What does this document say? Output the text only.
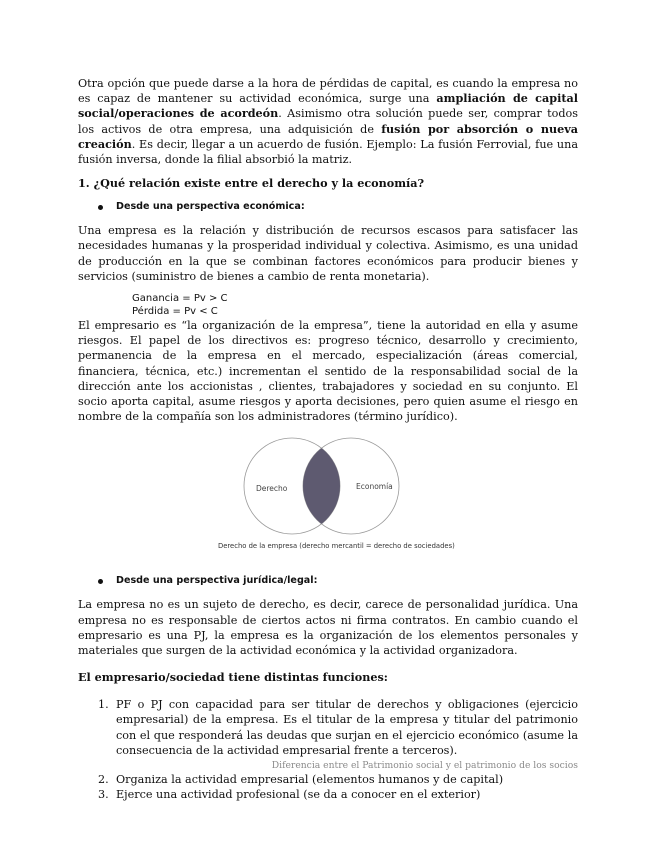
Otra opción que puede darse a la hora de pérdidas de capital, es cuando la empresa no es capaz de mantener su actividad económica, surge una ampliación de capital social/operaciones de acordeón. Asimismo otra solución puede ser, comprar todos los activos de otra empresa, una adquisición de fusión por absorción o nueva creación. Es decir, llegar a un acuerdo de fusión. Ejemplo: La fusión Ferrovial, fue una fusión inversa, donde la filial absorbió la matriz.

1. ¿Qué relación existe entre el derecho y la economía?
Desde una perspectiva económica:

Una empresa es la relación y distribución de recursos escasos para satisfacer las necesidades humanas y la prosperidad individual y colectiva. Asimismo, es una unidad de producción en la que se combinan factores económicos para producir bienes y servicios (suministro de bienes a cambio de renta monetaria).

Ganancia = Pv > C
Pérdida = Pv < C

El empresario es “la organización de la empresa”, tiene la autoridad en ella y asume riesgos. El papel de los directivos es: progreso técnico, desarrollo y crecimiento, permanencia de la empresa en el mercado, especialización (áreas comercial, financiera, técnica, etc.) incrementan el sentido de la responsabilidad social de la dirección ante los accionistas , clientes, trabajadores y sociedad en su conjunto. El socio aporta capital, asume riesgos y aporta decisiones, pero quien asume el riesgo en nombre de la compañía son los administradores (término jurídico).

Derecho	Economía
Derecho de la empresa (derecho mercantil = derecho de sociedades)
Desde una perspectiva jurídica/legal:

La empresa no es un sujeto de derecho, es decir, carece de personalidad jurídica. Una empresa no es responsable de ciertos actos ni firma contratos. En cambio cuando el empresario es una PJ, la empresa es la organización de los elementos personales y materiales que surgen de la actividad económica y la actividad organizadora.

El empresario/sociedad tiene distintas funciones:
1. PF o PJ con capacidad para ser titular de derechos y obligaciones (ejercicio empresarial) de la empresa. Es el titular de la empresa y titular del patrimonio con el que responderá las deudas que surjan en el ejercicio económico (asume la consecuencia de la actividad empresarial frente a terceros).
Diferencia entre el Patrimonio social y el patrimonio de los socios
2. Organiza la actividad empresarial (elementos humanos y de capital)
3. Ejerce una actividad profesional (se da a conocer en el exterior)
